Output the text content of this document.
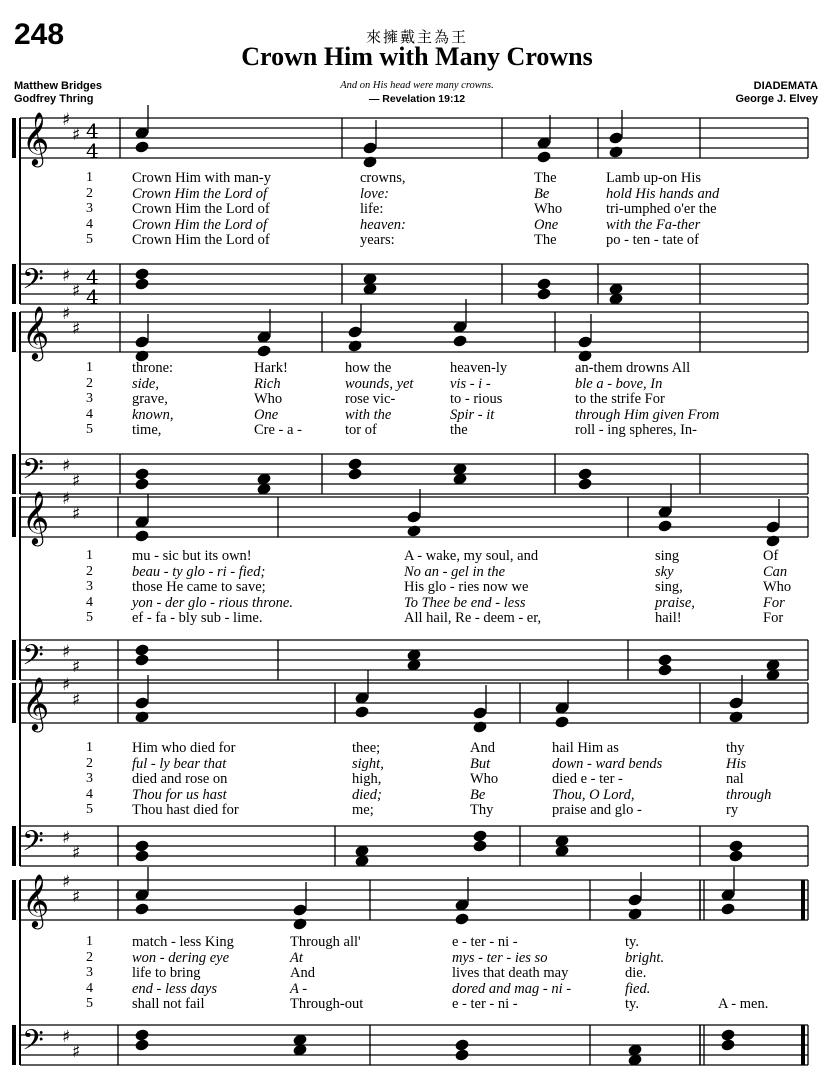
248	來擁戴主為王
Crown Him with Many Crowns
Matthew Bridges
Godfrey Thring
DIADEMATA
George J. Elvey
And on His head were many crowns.
— Revelation 19:12
𝄞 ♯
♯ 4
4
𝄢 ♯
♯
4
4
𝄞 ♯
♯
𝄢 ♯
♯
𝄞 ♯
♯
𝄢 ♯
♯
𝄞 ♯
♯
𝄢 ♯
♯
𝄞 ♯
♯
𝄢 ♯
♯
1	Crown Him with man-y	crowns,	The	Lamb up-on His
2	Crown Him the Lord of	love:	Be	hold His hands and
3	Crown Him the Lord of	life:	Who	tri-umphed o'er the
4	Crown Him the Lord of	heaven:	One	with the Fa-ther
5	Crown Him the Lord of	years:	The	po - ten - tate of
1	throne:	Hark!	how the	heaven-ly	an-them drowns All
2	side,	Rich	wounds, yet	vis - i -	ble a - bove, In
3	grave,	Who	rose vic-	to - rious	to the strife For
4	known,	One	with the	Spir - it	through Him given From
5	time,	Cre - a -	tor of	the	roll - ing spheres, In-
1	mu - sic but its own!	A - wake, my soul, and	sing	Of
2	beau - ty glo - ri - fied;	No an - gel in the	sky	Can
3	those He came to save;	His glo - ries now we	sing,	Who
4	yon - der glo - rious throne.	To Thee be end - less	praise,	For
5	ef - fa - bly sub - lime.	All hail, Re - deem - er,	hail!	For
1	Him who died for	thee;	And	hail Him as	thy
2	ful - ly bear that	sight,	But	down - ward bends	His
3	died and rose on	high,	Who	died e - ter -	nal
4	Thou for us hast	died;	Be	Thou, O Lord,	through
5	Thou hast died for	me;	Thy	praise and glo -	ry
1	match - less King	Through all'	e - ter - ni -	ty.
2	won - dering eye	At	mys - ter - ies so	bright.
3	life to bring	And	lives that death may	die.
4	end - less days	A -	dored and mag - ni -	fied.
5	shall not fail	Through-out	e - ter - ni -	ty.	A - men.
